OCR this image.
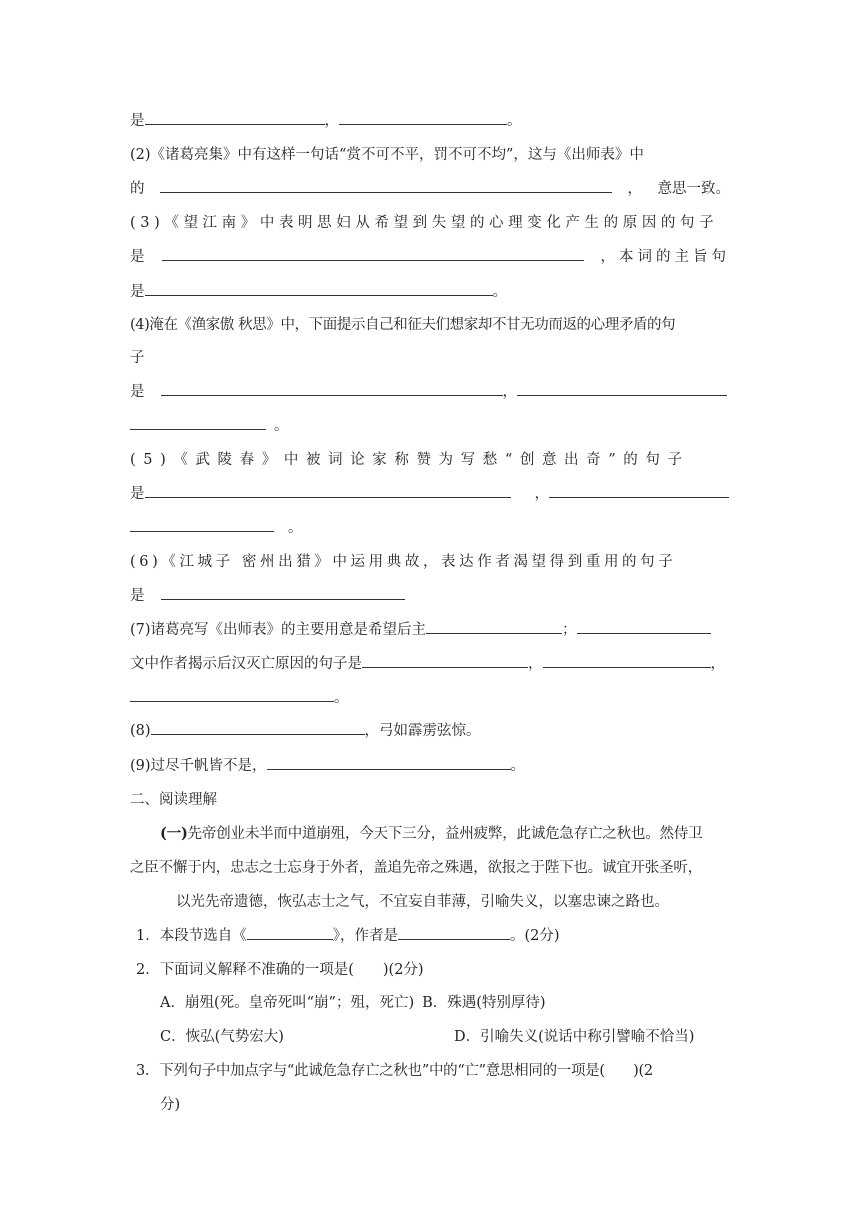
是	，	。
(2)《诸葛亮集》中有这样一句话“赏不可不平，罚不可不均”，这与《出师表》中
的	， 意思一致。
(3)《望江南》中表明思妇从希望到失望的心理变化产生的原因的句子
是	，本词的主旨句
是	。
(4)淹在《渔家傲 秋思》中，下面提示自己和征夫们想家却不甘无功而返的心理矛盾的句
子
是	，
。
(5)《武陵春》中被词论家称赞为写愁“创意出奇”的句子
是	，
。
(6)《江城子 密州出猎》中运用典故，表达作者渴望得到重用的句子
是
(7)诸葛亮写《出师表》的主要用意是希望后主	；
文中作者揭示后汉灭亡原因的句子是	，	，
。
(8)	，弓如霹雳弦惊。
(9)过尽千帆皆不是，	。
二、阅读理解
(一)先帝创业未半而中道崩殂，今天下三分，益州疲弊，此诚危急存亡之秋也。然侍卫
之臣不懈于内，忠志之士忘身于外者，盖追先帝之殊遇，欲报之于陛下也。诚宜开张圣听，
以光先帝遗德，恢弘志士之气，不宜妄自菲薄，引喻失义，以塞忠谏之路也。
1．本段节选自《	》，作者是	。(2分)
2．下面词义解释不准确的一项是(　　)(2分)
A．崩殂(死。皇帝死叫“崩”；殂，死亡) B．殊遇(特别厚待)
C．恢弘(气势宏大)	D．引喻失义(说话中称引譬喻不恰当)
3．下列句子中加点字与“此诚危急存亡之秋也”中的“亡”意思相同的一项是(　　)(2
分)
